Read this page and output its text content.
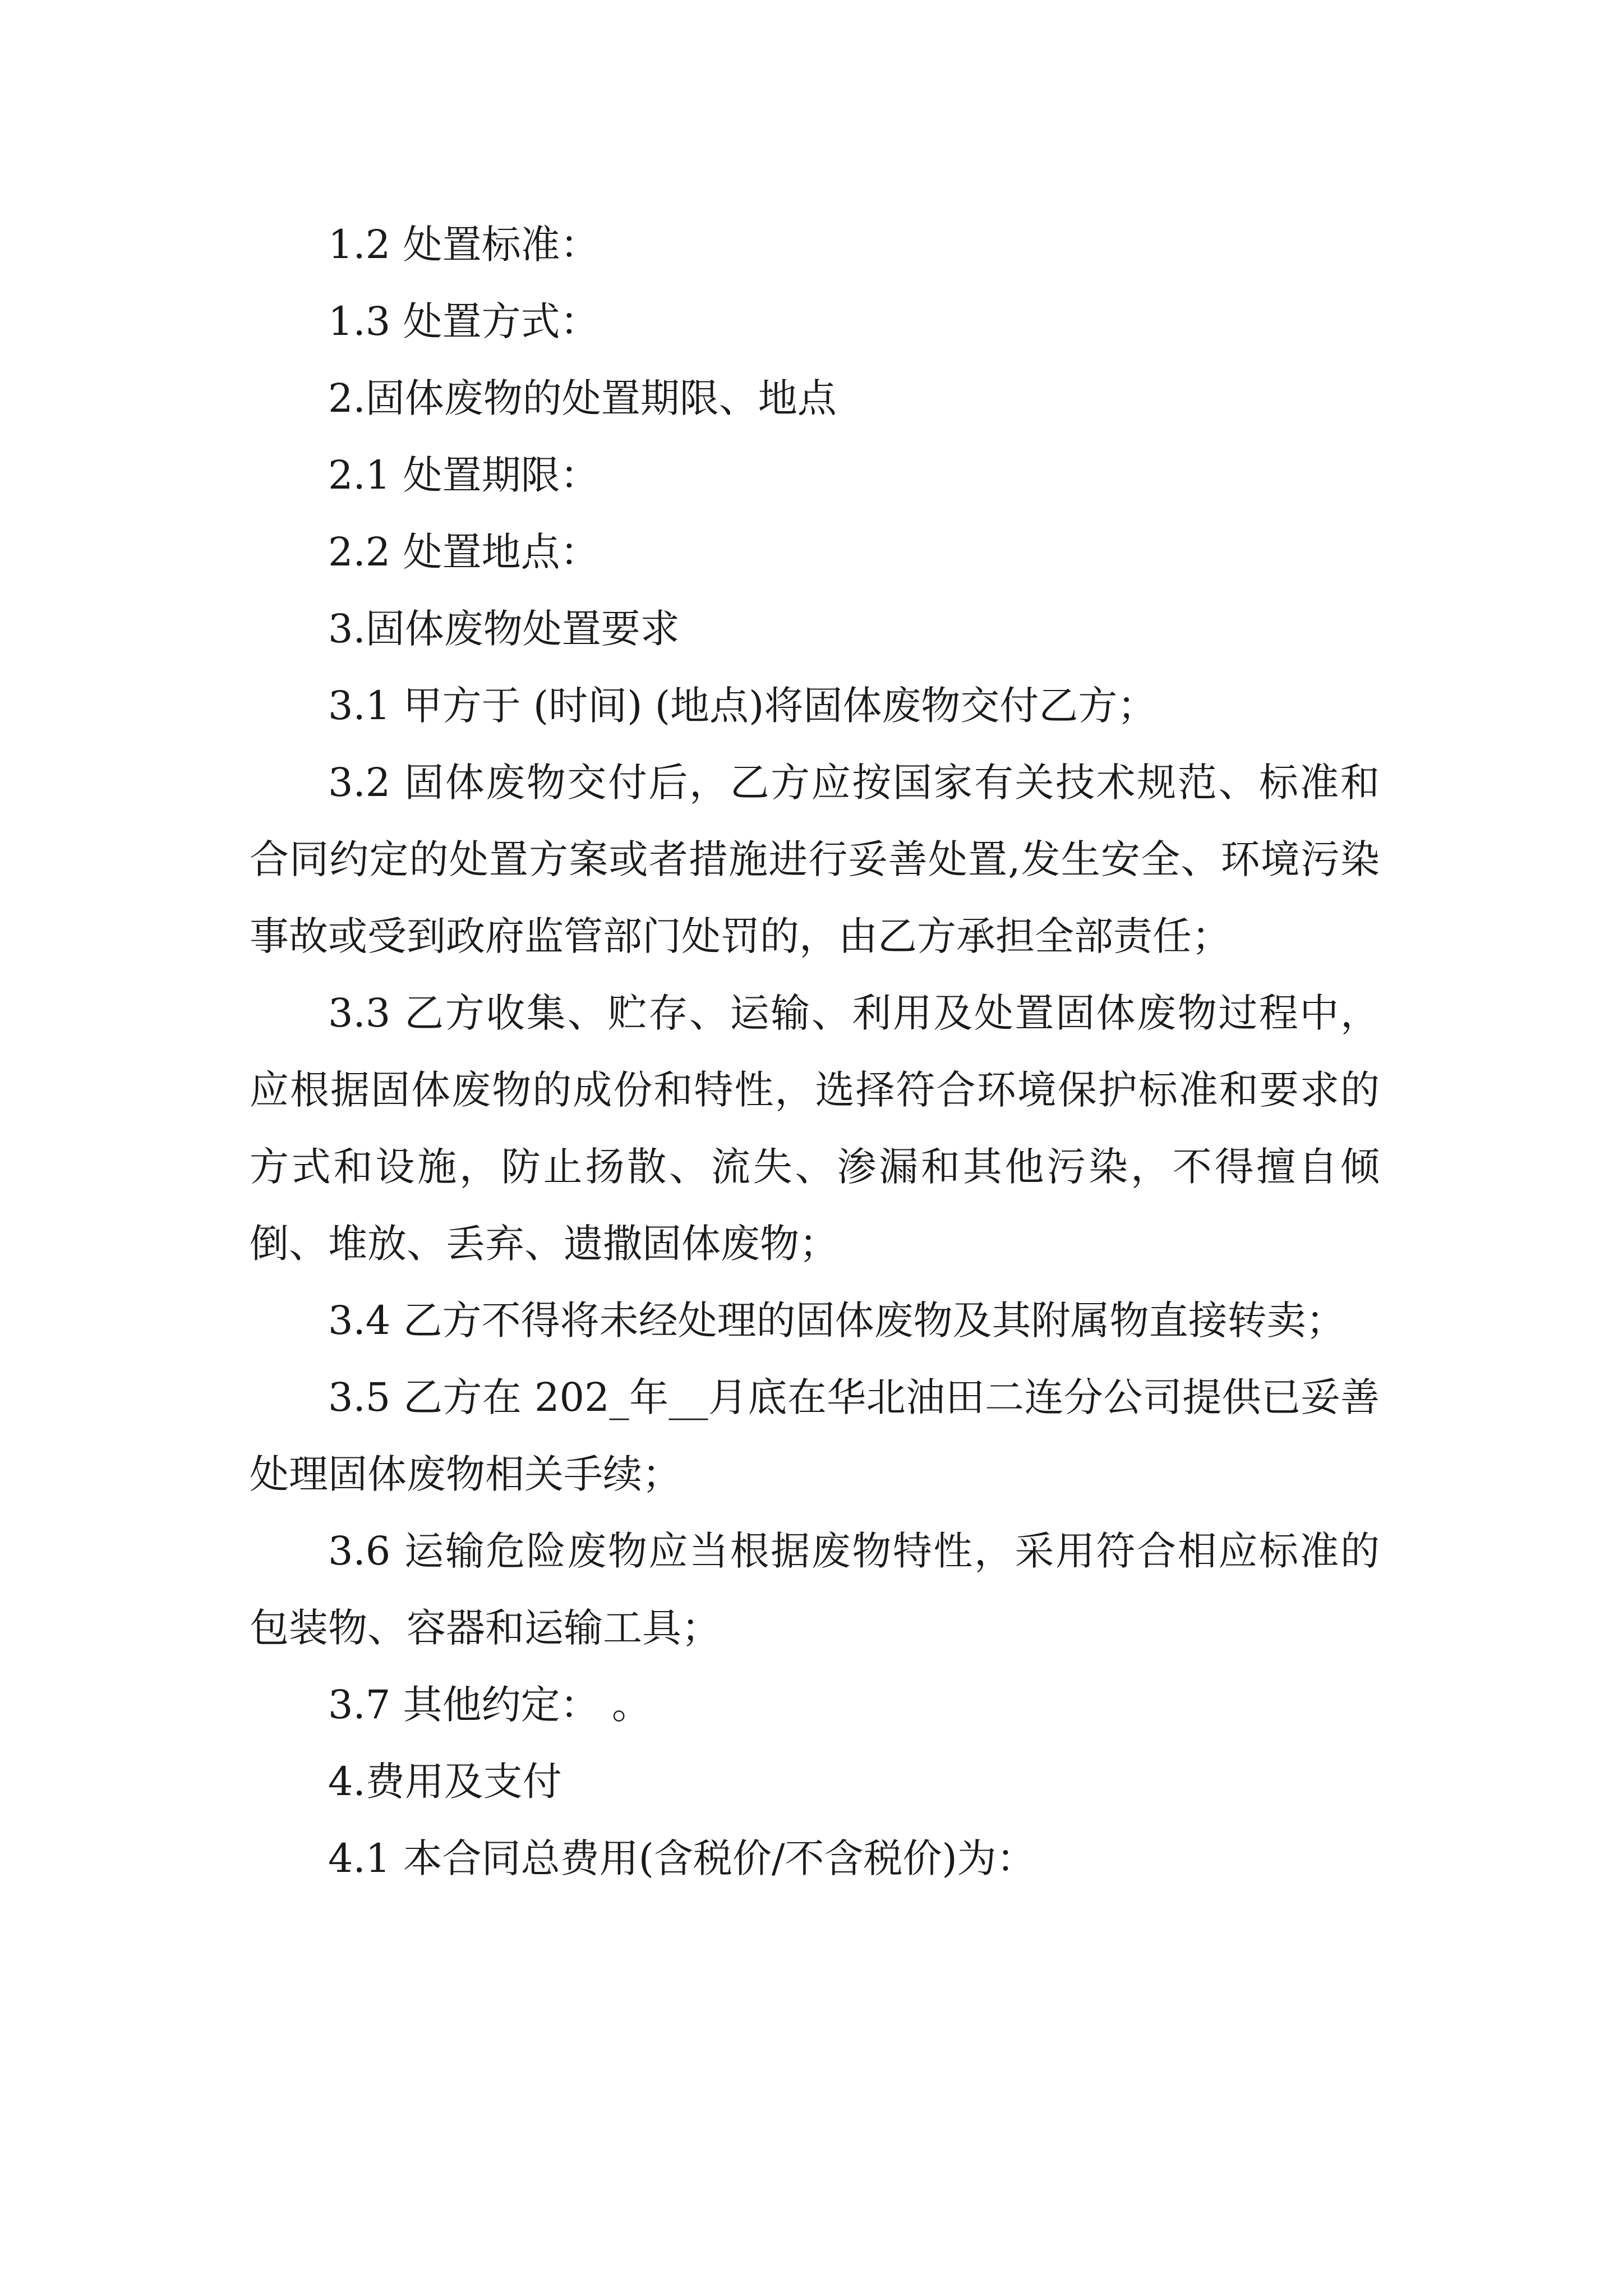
1.2 处置标准：
1.3 处置方式：
2.固体废物的处置期限、地点
2.1 处置期限：
2.2 处置地点：
3.固体废物处置要求
3.1 甲方于 (时间) (地点)将固体废物交付乙方；
3.2 固体废物交付后，乙方应按国家有关技术规范、标准和合同约定的处置方案或者措施进行妥善处置,发生安全、环境污染事故或受到政府监管部门处罚的，由乙方承担全部责任；
3.3 乙方收集、贮存、运输、利用及处置固体废物过程中，应根据固体废物的成份和特性，选择符合环境保护标准和要求的方式和设施，防止扬散、流失、渗漏和其他污染，不得擅自倾倒、堆放、丢弃、遗撒固体废物；
3.4 乙方不得将未经处理的固体废物及其附属物直接转卖；
3.5 乙方在 202_年__月底在华北油田二连分公司提供已妥善处理固体废物相关手续；
3.6 运输危险废物应当根据废物特性，采用符合相应标准的包装物、容器和运输工具；
3.7 其他约定： 。
4.费用及支付
4.1 本合同总费用(含税价/不含税价)为：
